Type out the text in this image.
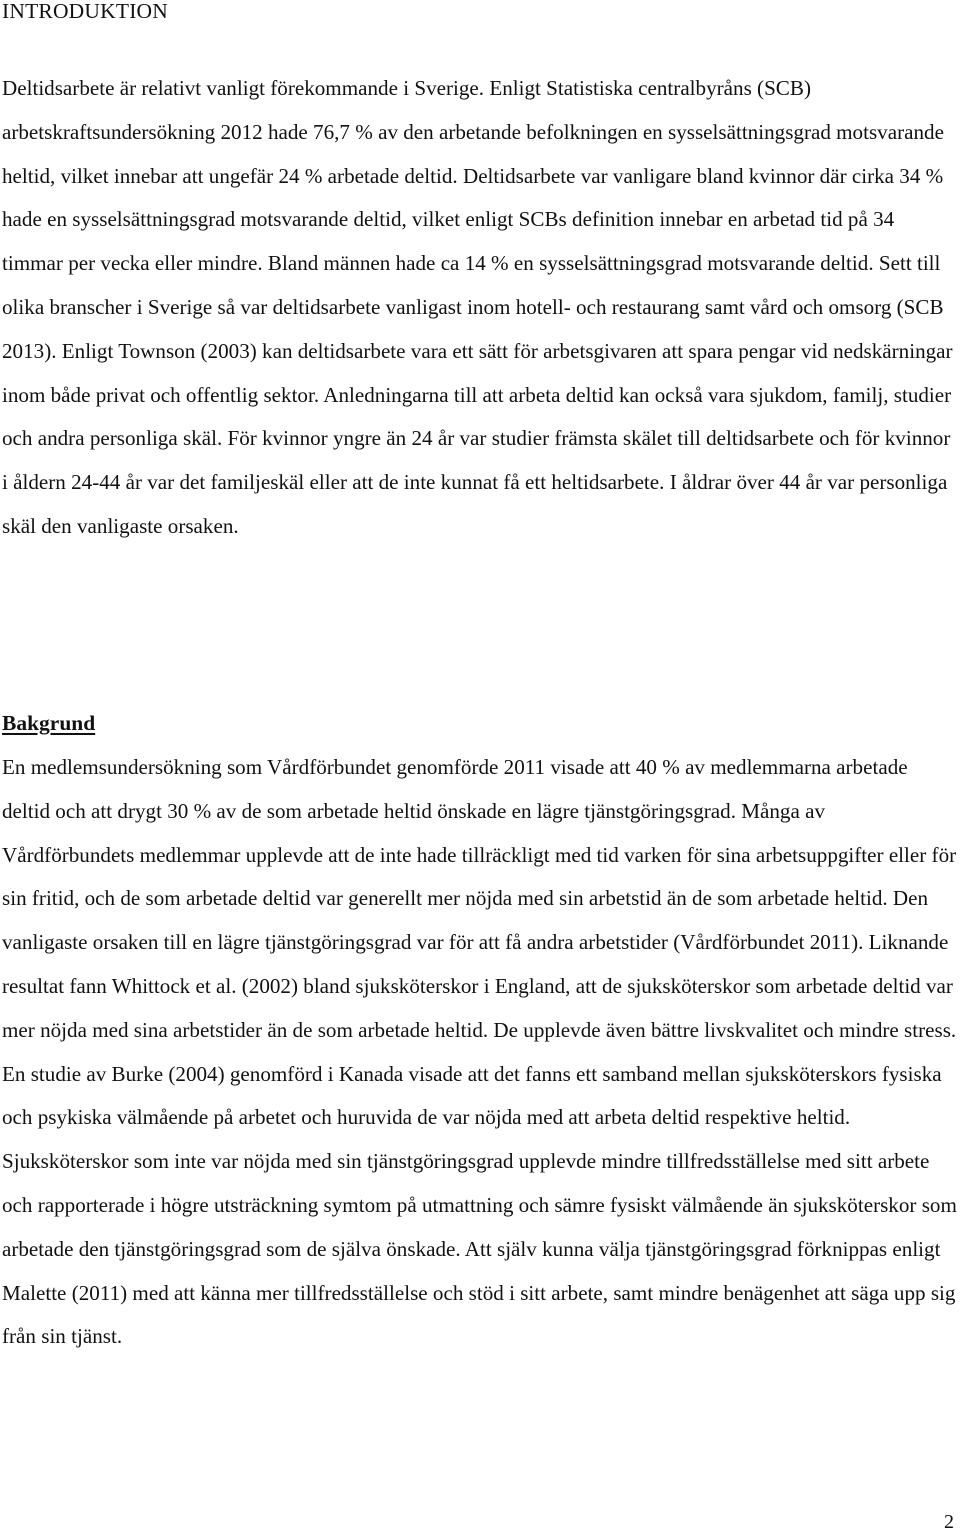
INTRODUKTION

Deltidsarbete är relativt vanligt förekommande i Sverige. Enligt Statistiska centralbyråns (SCB) arbetskraftsundersökning 2012 hade 76,7 % av den arbetande befolkningen en sysselsättningsgrad motsvarande heltid, vilket innebar att ungefär 24 % arbetade deltid. Deltidsarbete var vanligare bland kvinnor där cirka 34 % hade en sysselsättningsgrad motsvarande deltid, vilket enligt SCBs definition innebar en arbetad tid på 34 timmar per vecka eller mindre. Bland männen hade ca 14 % en sysselsättningsgrad motsvarande deltid. Sett till olika branscher i Sverige så var deltidsarbete vanligast inom hotell- och restaurang samt vård och omsorg (SCB 2013). Enligt Townson (2003) kan deltidsarbete vara ett sätt för arbetsgivaren att spara pengar vid nedskärningar inom både privat och offentlig sektor. Anledningarna till att arbeta deltid kan också vara sjukdom, familj, studier och andra personliga skäl. För kvinnor yngre än 24 år var studier främsta skälet till deltidsarbete och för kvinnor i åldern 24-44 år var det familjeskäl eller att de inte kunnat få ett heltidsarbete. I åldrar över 44 år var personliga skäl den vanligaste orsaken.

Bakgrund

En medlemsundersökning som Vårdförbundet genomförde 2011 visade att 40 % av medlemmarna arbetade deltid och att drygt 30 % av de som arbetade heltid önskade en lägre tjänstgöringsgrad. Många av Vårdförbundets medlemmar upplevde att de inte hade tillräckligt med tid varken för sina arbetsuppgifter eller för sin fritid, och de som arbetade deltid var generellt mer nöjda med sin arbetstid än de som arbetade heltid. Den vanligaste orsaken till en lägre tjänstgöringsgrad var för att få andra arbetstider (Vårdförbundet 2011). Liknande resultat fann Whittock et al. (2002) bland sjuksköterskor i England, att de sjuksköterskor som arbetade deltid var mer nöjda med sina arbetstider än de som arbetade heltid. De upplevde även bättre livskvalitet och mindre stress. En studie av Burke (2004) genomförd i Kanada visade att det fanns ett samband mellan sjuksköterskors fysiska och psykiska välmående på arbetet och huruvida de var nöjda med att arbeta deltid respektive heltid. Sjuksköterskor som inte var nöjda med sin tjänstgöringsgrad upplevde mindre tillfredsställelse med sitt arbete och rapporterade i högre utsträckning symtom på utmattning och sämre fysiskt välmående än sjuksköterskor som arbetade den tjänstgöringsgrad som de själva önskade. Att själv kunna välja tjänstgöringsgrad förknippas enligt Malette (2011) med att känna mer tillfredsställelse och stöd i sitt arbete, samt mindre benägenhet att säga upp sig från sin tjänst.

2
